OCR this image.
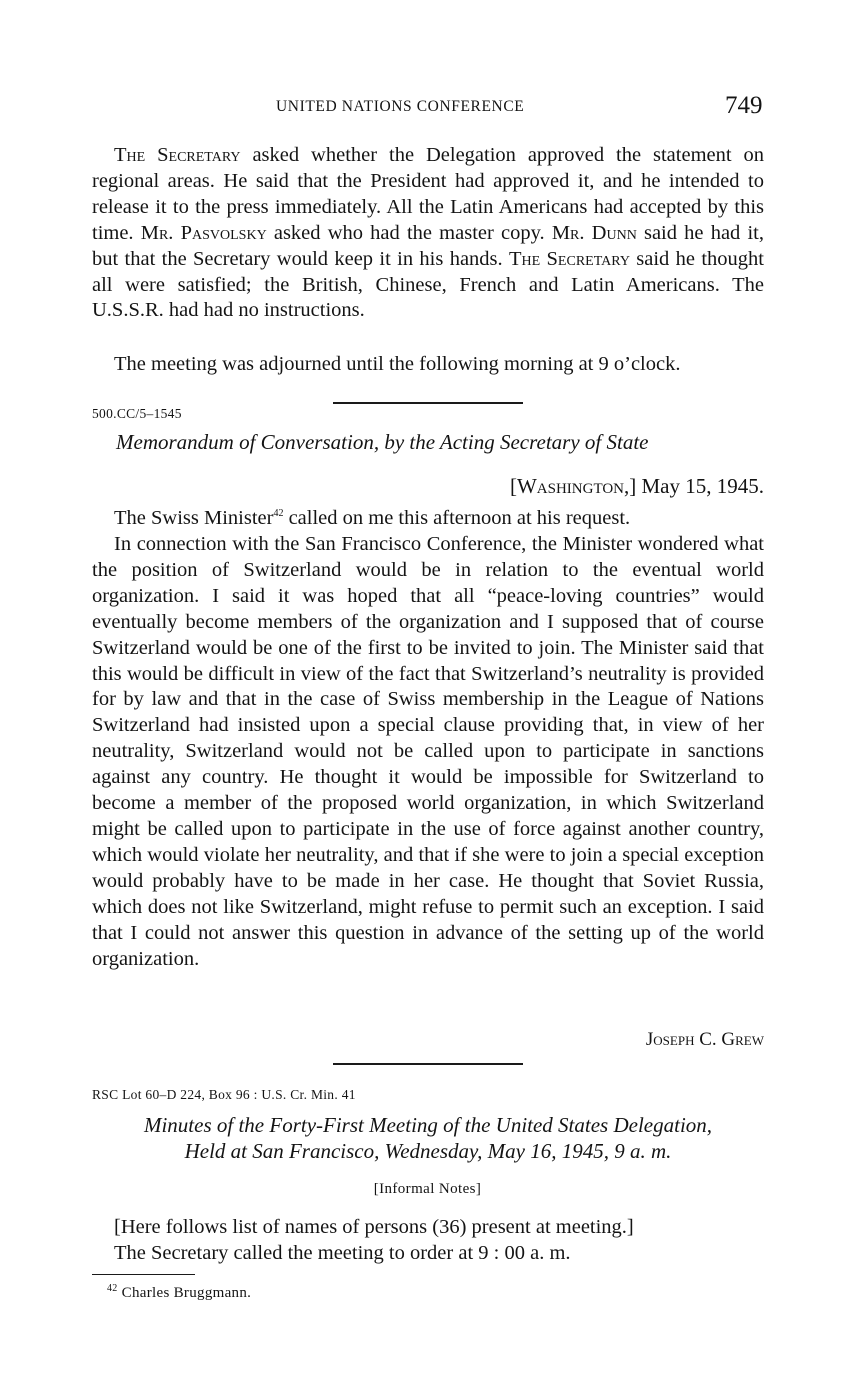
UNITED NATIONS CONFERENCE	749

The Secretary asked whether the Delegation approved the statement on regional areas. He said that the President had approved it, and he intended to release it to the press immediately. All the Latin Americans had accepted by this time. Mr. Pasvolsky asked who had the master copy. Mr. Dunn said he had it, but that the Secretary would keep it in his hands. The Secretary said he thought all were satisfied; the British, Chinese, French and Latin Americans. The U.S.S.R. had had no instructions.

The meeting was adjourned until the following morning at 9 o’clock.

500.CC/5–1545
Memorandum of Conversation, by the Acting Secretary of State
[Washington,] May 15, 1945.

The Swiss Minister$^{42}$ called on me this afternoon at his request.

In connection with the San Francisco Conference, the Minister wondered what the position of Switzerland would be in relation to the eventual world organization. I said it was hoped that all “peace-loving countries” would eventually become members of the organization and I supposed that of course Switzerland would be one of the first to be invited to join. The Minister said that this would be difficult in view of the fact that Switzerland’s neutrality is provided for by law and that in the case of Swiss membership in the League of Nations Switzerland had insisted upon a special clause providing that, in view of her neutrality, Switzerland would not be called upon to participate in sanctions against any country. He thought it would be impossible for Switzerland to become a member of the proposed world organization, in which Switzerland might be called upon to participate in the use of force against another country, which would violate her neutrality, and that if she were to join a special exception would probably have to be made in her case. He thought that Soviet Russia, which does not like Switzerland, might refuse to permit such an exception. I said that I could not answer this question in advance of the setting up of the world organization.

Joseph C. Grew
RSC Lot 60–D 224, Box 96 : U.S. Cr. Min. 41
Minutes of the Forty-First Meeting of the United States Delegation,
Held at San Francisco, Wednesday, May 16, 1945, 9 a. m.
[Informal Notes]
[Here follows list of names of persons (36) present at meeting.]
The Secretary called the meeting to order at 9 : 00 a. m.
$^{42}$ Charles Bruggmann.
